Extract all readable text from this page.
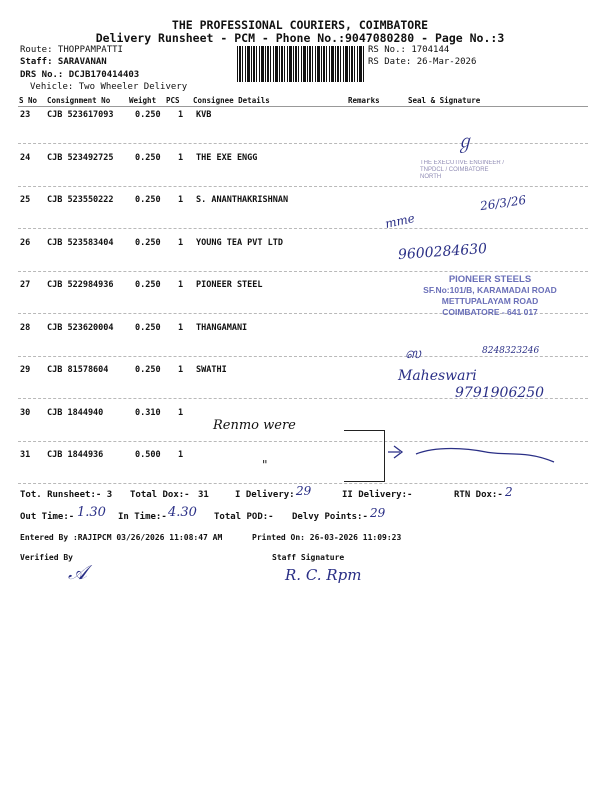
THE PROFESSIONAL COURIERS, COIMBATORE
Delivery Runsheet - PCM - Phone No.:9047080280 - Page No.:3
Route: THOPPAMPATTI
Staff: SARAVANAN
DRS No.: DCJB170414403
Vehicle: Two Wheeler Delivery
RS No.: 1704144
RS Date: 26-Mar-2026
S No Consignment No	Weight PCS Consignee Details	Remarks	Seal & Signature
23 CJB 523617093	0.250 1 KVB
24 CJB 523492725	0.250 1 THE EXE ENGG
25 CJB 523550222	0.250 1 S. ANANTHAKRISHNAN
26 CJB 523583404	0.250 1 YOUNG TEA PVT LTD
27 CJB 522984936	0.250 1 PIONEER STEEL
28 CJB 523620004	0.250 1 THANGAMANI
29 CJB 81578604	0.250 1 SWATHI
30 CJB 1844940	0.310 1
31 CJB 1844936	0.500 1
THE EXECUTIVE ENGINEER / TNPDCL / COIMBATORE NORTH
PIONEER STEELS
SF.No:101/B, KARAMADAI ROAD
METTUPALAYAM ROAD
COIMBATORE - 641 017
ℊ
26/3/26
mme
9600284630
ஸ	8248323246
Maheswari
9791906250
Renmo were
"
Tot. Runsheet:- 3 Total Dox:- 31	I Delivery:-
29	II Delivery:-	RTN Dox:- 2
Out Time:- 1.30 In Time:- 4.30 Total POD:- Delvy Points:- 29
Entered By :RAJIPCM 03/26/2026 11:08:47 AM	Printed On: 26-03-2026 11:09:23
Verified By
𝒜
Staff Signature
R. C. Rpm
